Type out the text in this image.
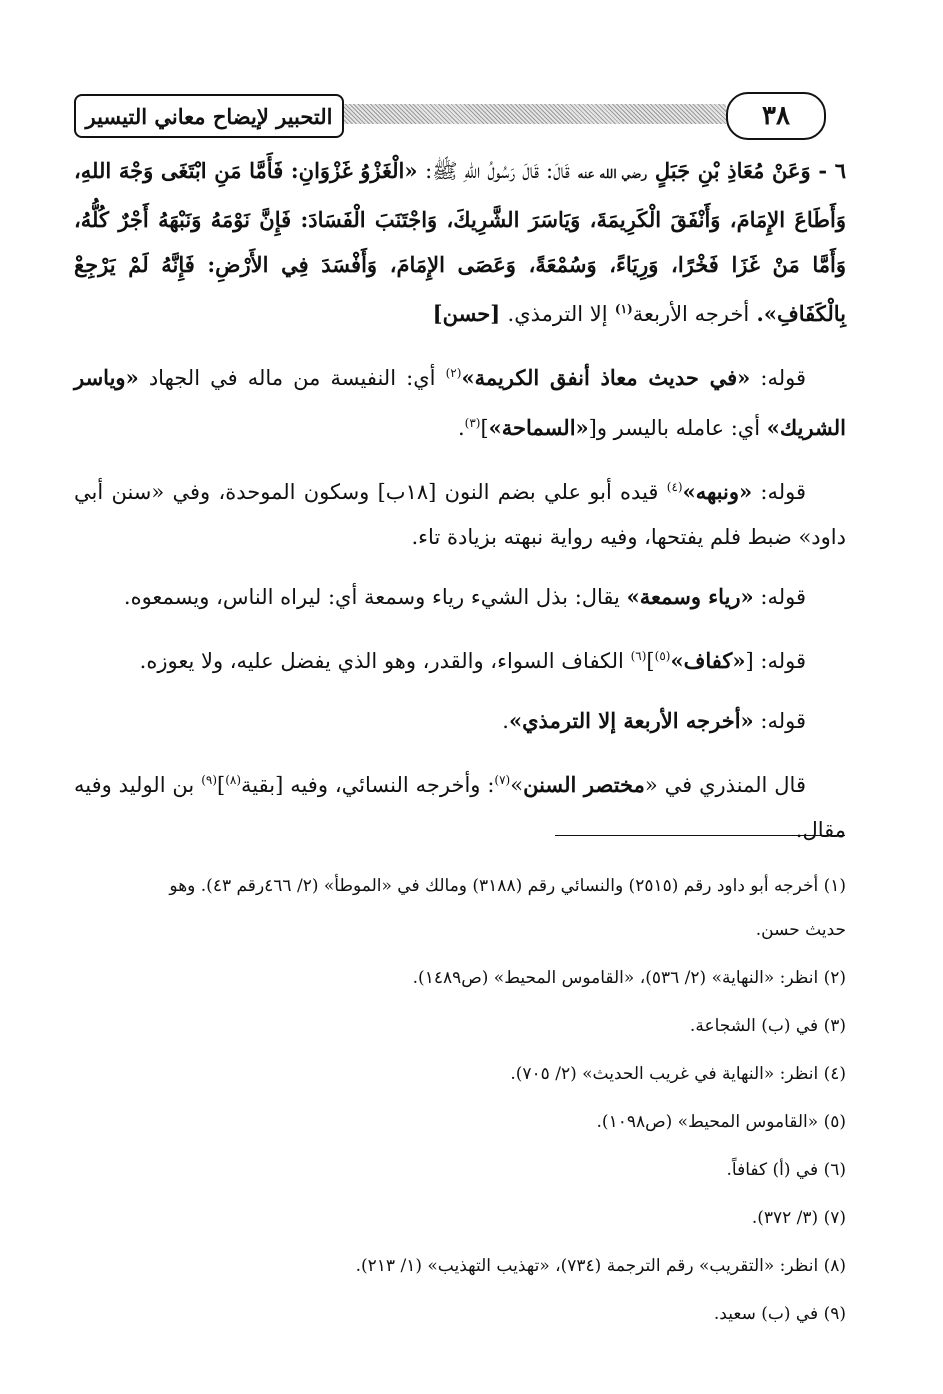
٣٨
التحبير لإيضاح معاني التيسير

٦ - وَعَنْ مُعَاذِ بْنِ جَبَلٍ رضي الله عنه قَالَ: قَالَ رَسُولُ اللهِ ﷺ: «الْغَزْوُ غَزْوَانِ: فَأَمَّا مَنِ ابْتَغَى وَجْهَ اللهِ، وَأَطَاعَ الإِمَامَ، وَأَنْفَقَ الْكَرِيمَةَ، وَيَاسَرَ الشَّرِيكَ، وَاجْتَنَبَ الْفَسَادَ: فَإِنَّ نَوْمَهُ وَنَبْهَهُ أَجْرٌ كُلُّهُ، وَأَمَّا مَنْ غَزَا فَخْرًا، وَرِيَاءً، وَسُمْعَةً، وَعَصَى الإِمَامَ، وَأَفْسَدَ فِي الأَرْضِ: فَإِنَّهُ لَمْ يَرْجِعْ بِالْكَفَافِ». أخرجه الأربعة$^{(١)}$ إلا الترمذي. [حسن]

قوله: «في حديث معاذ أنفق الكريمة»$^{(٢)}$ أي: النفيسة من ماله في الجهاد «وياسر الشريك» أي: عامله باليسر و[«السماحة»]$^{(٣)}$.

قوله: «ونبهه»$^{(٤)}$ قيده أبو علي بضم النون [١٨ب] وسكون الموحدة، وفي «سنن أبي داود» ضبط فلم يفتحها، وفيه رواية نبهته بزيادة تاء.

قوله: «رياء وسمعة» يقال: بذل الشيء رياء وسمعة أي: ليراه الناس، ويسمعوه.

قوله: [«كفاف»$^{(٥)}$]$^{(٦)}$ الكفاف السواء، والقدر، وهو الذي يفضل عليه، ولا يعوزه.

قوله: «أخرجه الأربعة إلا الترمذي».

قال المنذري في «مختصر السنن»$^{(٧)}$: وأخرجه النسائي، وفيه [بقية$^{(٨)}$]$^{(٩)}$ بن الوليد وفيه مقال.

(١) أخرجه أبو داود رقم (٢٥١٥) والنسائي رقم (٣١٨٨) ومالك في «الموطأ» (٢/ ٤٦٦رقم ٤٣). وهو

حديث حسن.

(٢) انظر: «النهاية» (٢/ ٥٣٦)، «القاموس المحيط» (ص١٤٨٩).

(٣) في (ب) الشجاعة.

(٤) انظر: «النهاية في غريب الحديث» (٢/ ٧٠٥).

(٥) «القاموس المحيط» (ص١٠٩٨).

(٦) في (أ) كفافاً.

(٧) (٣/ ٣٧٢).

(٨) انظر: «التقريب» رقم الترجمة (٧٣٤)، «تهذيب التهذيب» (١/ ٢١٣).

(٩) في (ب) سعيد.
